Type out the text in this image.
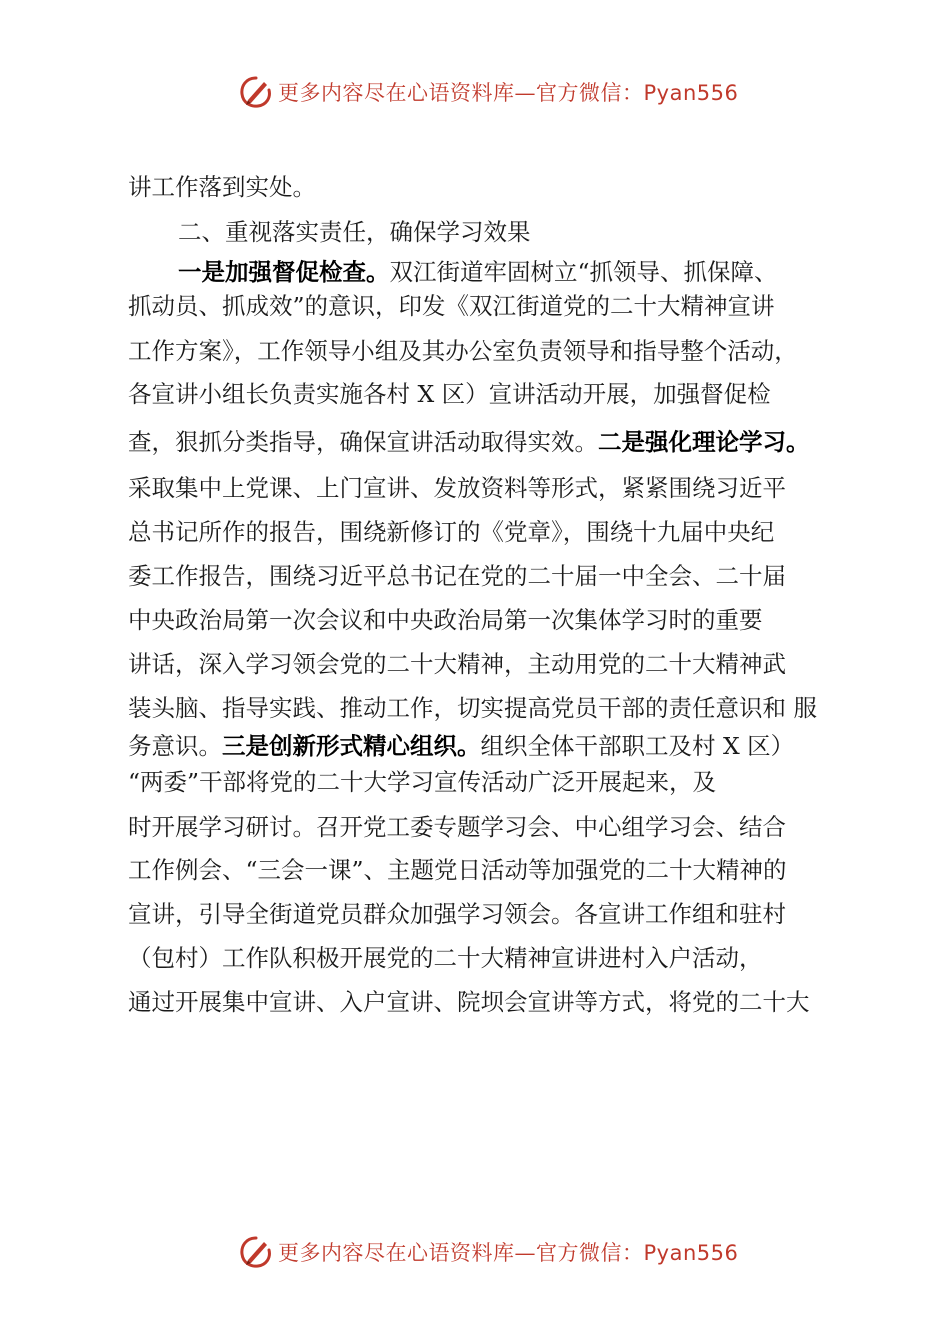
更多内容尽在心语资料库—官方微信：Pyan556
讲工作落到实处。
二、重视落实责任，确保学习效果
一是加强督促检查。双江街道牢固树立“抓领导、抓保障、
抓动员、抓成效”的意识，印发《双江街道党的二十大精神宣讲
工作方案》，工作领导小组及其办公室负责领导和指导整个活动，
各宣讲小组长负责实施各村 X 区）宣讲活动开展，加强督促检
查，狠抓分类指导，确保宣讲活动取得实效。二是强化理论学习。
采取集中上党课、上门宣讲、发放资料等形式，紧紧围绕习近平
总书记所作的报告，围绕新修订的《党章》，围绕十九届中央纪
委工作报告，围绕习近平总书记在党的二十届一中全会、二十届
中央政治局第一次会议和中央政治局第一次集体学习时的重要
讲话，深入学习领会党的二十大精神，主动用党的二十大精神武
装头脑、指导实践、推动工作，切实提高党员干部的责任意识和 服
务意识。三是创新形式精心组织。组织全体干部职工及村 X 区）
“两委”干部将党的二十大学习宣传活动广泛开展起来，及
时开展学习研讨。召开党工委专题学习会、中心组学习会、结合
工作例会、“三会一课”、主题党日活动等加强党的二十大精神的
宣讲，引导全街道党员群众加强学习领会。各宣讲工作组和驻村
（包村）工作队积极开展党的二十大精神宣讲进村入户活动，
通过开展集中宣讲、入户宣讲、院坝会宣讲等方式，将党的二十大
更多内容尽在心语资料库—官方微信：Pyan556
